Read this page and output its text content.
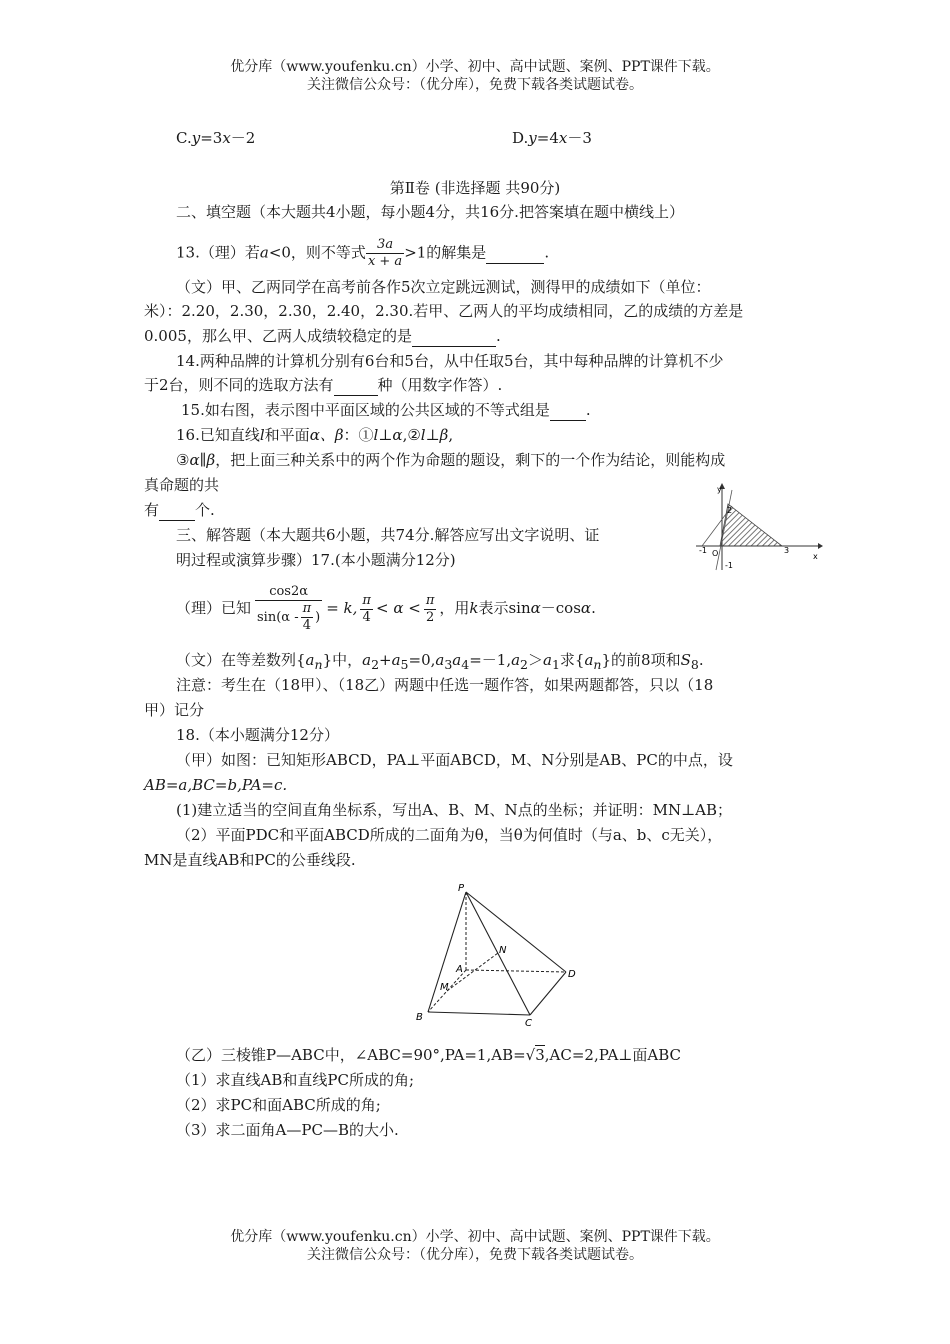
优分库（www.youfenku.cn）小学、初中、高中试题、案例、PPT课件下载。
关注微信公众号：（优分库），免费下载各类试题试卷。
C.y=3x－2	D.y=4x－3
第Ⅱ卷 (非选择题 共90分)
二、填空题（本大题共4小题，每小题4分，共16分.把答案填在题中横线上）
13.（理）若a<0，则不等式 $\frac{3a}{x + a} >1$的解集是	.
（文）甲、乙两同学在高考前各作5次立定跳远测试，测得甲的成绩如下（单位：
米）：2.20，2.30，2.30，2.40，2.30.若甲、乙两人的平均成绩相同，乙的成绩的方差是
0.005，那么甲、乙两人成绩较稳定的是	.
14.两种品牌的计算机分别有6台和5台，从中任取5台，其中每种品牌的计算机不少
于2台，则不同的选取方法有	种（用数字作答）.
15.如右图，表示图中平面区域的公共区域的不等式组是 .
16.已知直线l和平面α、β：①l⊥α,②l⊥β,
③α∥β，把上面三种关系中的两个作为命题的题设，剩下的一个作为结论，则能构成
真命题的共
有 个.
三、解答题（本大题共6小题，共74分.解答应写出文字说明、证
明过程或演算步骤）17.(本小题满分12分)	x
y
-1	3
2
-1
O
（理）已知 $\frac{\cos 2\alpha}{\sin(\alpha - \frac{\pi}{4} )} = k$, $\frac{\pi}{4} < \alpha < \frac{\pi}{2}$ ，用k表示sinα－cosα.
（文）在等差数列$\{a_n\}$中，$a_2+a_5=0,a_3a_4=-1,a_2>a_1$求$\{a_n\}$的前8项和$S_8$.
注意：考生在（18甲）、（18乙）两题中任选一题作答，如果两题都答，只以（18
甲）记分
18.（本小题满分12分）
（甲）如图：已知矩形ABCD，PA⊥平面ABCD，M、N分别是AB、PC的中点，设
AB=a,BC=b,PA=c.
(1)建立适当的空间直角坐标系，写出A、B、M、N点的坐标；并证明：MN⊥AB；
（2）平面PDC和平面ABCD所成的二面角为θ，当θ为何值时（与a、b、c无关），
MN是直线AB和PC的公垂线段.
P
A
B
C
D
M
N
（乙）三棱锥P—ABC中，∠ABC=90°,PA=1,AB=√3,AC=2,PA⊥面ABC
（1）求直线AB和直线PC所成的角;
（2）求PC和面ABC所成的角;
（3）求二面角A—PC—B的大小.
优分库（www.youfenku.cn）小学、初中、高中试题、案例、PPT课件下载。
关注微信公众号：（优分库），免费下载各类试题试卷。
